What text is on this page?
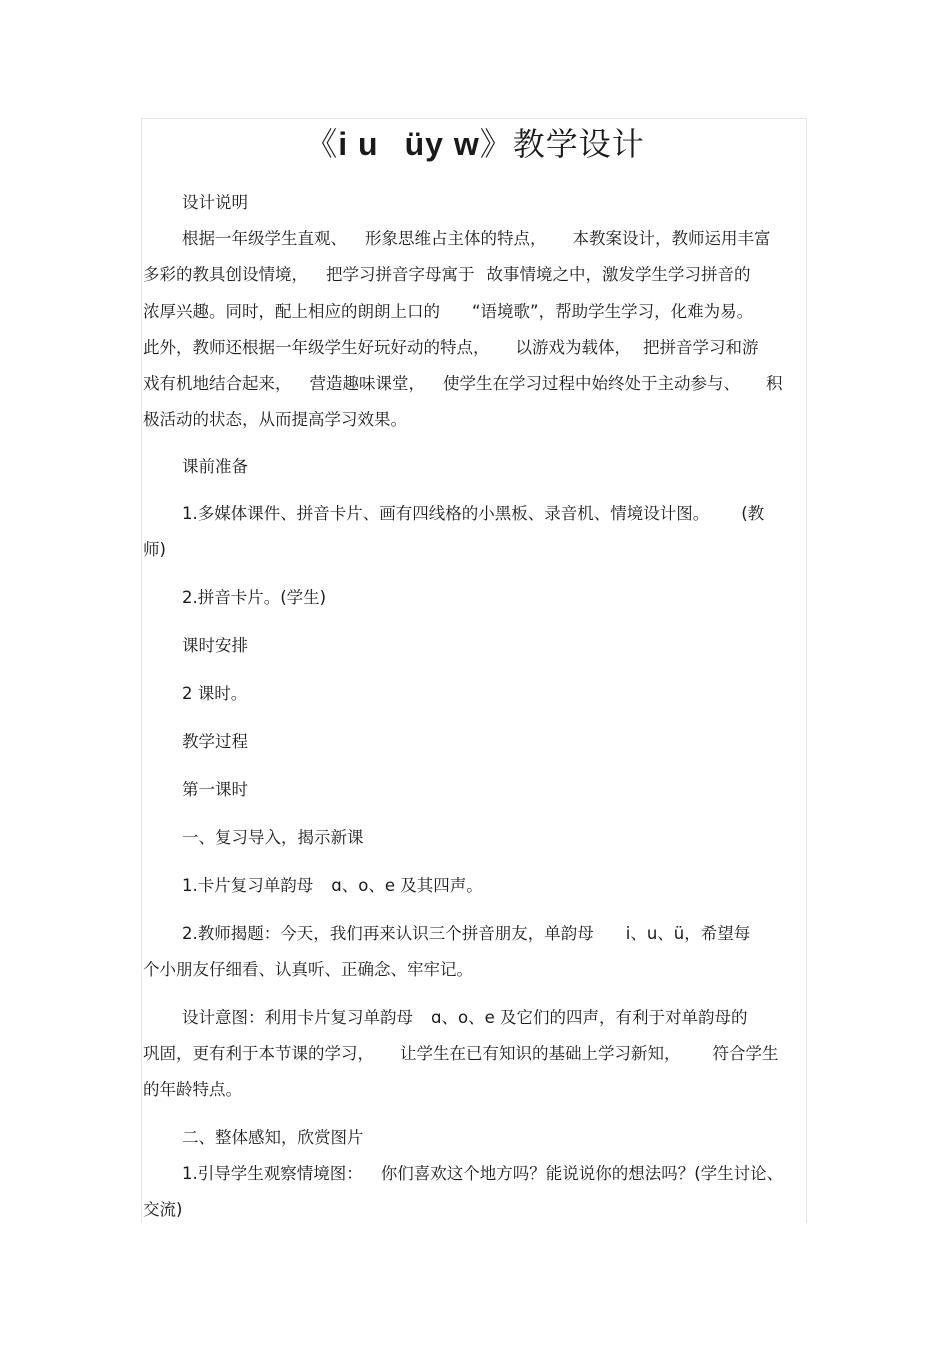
《i u üy w》教学设计
设计说明
根据一年级学生直观、 形象思维占主体的特点， 本教案设计，教师运用丰富
多彩的教具创设情境， 把学习拼音字母寓于 故事情境之中，激发学生学习拼音的
浓厚兴趣。同时，配上相应的朗朗上口的 “语境歌”，帮助学生学习，化难为易。
此外，教师还根据一年级学生好玩好动的特点， 以游戏为载体， 把拼音学习和游
戏有机地结合起来， 营造趣味课堂， 使学生在学习过程中始终处于主动参与、 积
极活动的状态，从而提高学习效果。
课前准备
1.多媒体课件、拼音卡片、画有四线格的小黑板、录音机、情境设计图。 (教
师)
2.拼音卡片。(学生)
课时安排
2 课时。
教学过程
第一课时
一、复习导入，揭示新课
1.卡片复习单韵母 ɑ、o、e 及其四声。
2.教师揭题：今天，我们再来认识三个拼音朋友，单韵母 i、u、ü，希望每
个小朋友仔细看、认真听、正确念、牢牢记。
设计意图：利用卡片复习单韵母 ɑ、o、e 及它们的四声，有利于对单韵母的
巩固，更有利于本节课的学习， 让学生在已有知识的基础上学习新知， 符合学生
的年龄特点。
二、整体感知，欣赏图片
1.引导学生观察情境图： 你们喜欢这个地方吗？能说说你的想法吗？(学生讨论、
交流)
